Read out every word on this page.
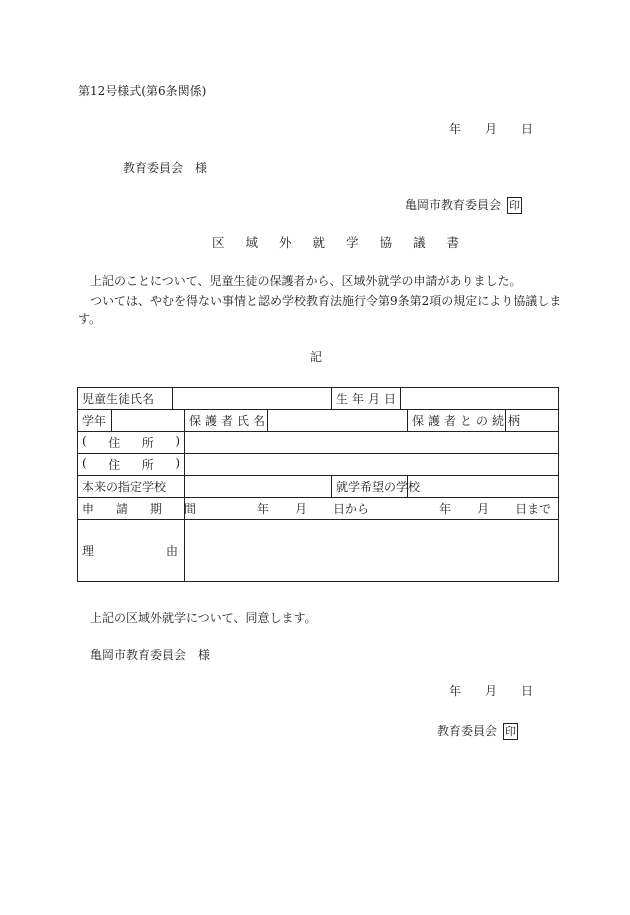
第12号様式(第6条関係)
年 月 日
教育委員会　様
亀岡市教育委員会 印
区域外就学協議書
上記のことについて、児童生徒の保護者から、区域外就学の申請がありました。
ついては、やむを得ない事情と認め学校教育法施行令第9条第2項の規定により協議しま
す。
記
児童生徒氏名					生年月日			
学年			保護者氏名				保護者との続柄	

( 住 所 )								

( 住 所 )								

本来の指定学校					就学希望の学校			
申請期間			年 月 日から 年 月 日まで					

理 由								

上記の区域外就学について、同意します。
亀岡市教育委員会　様
年 月 日
教育委員会 印
